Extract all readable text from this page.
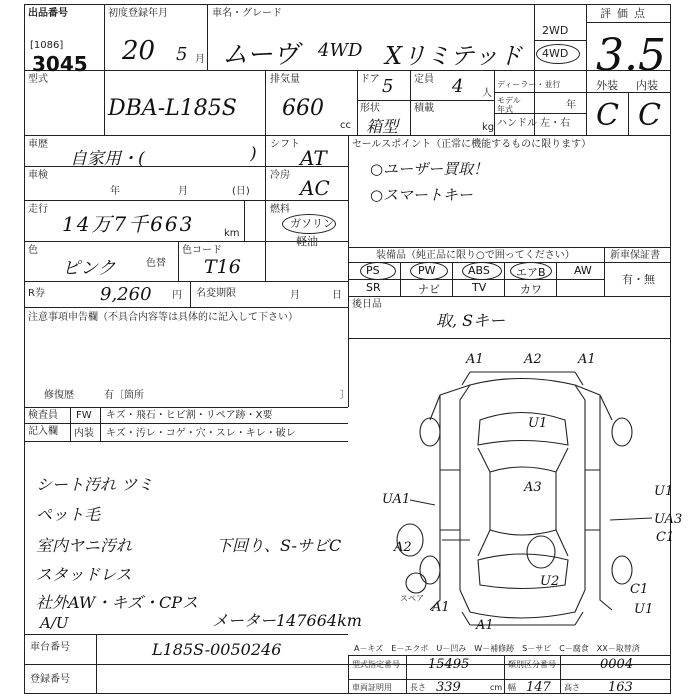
出品番号
[1086]
3045
初度登録年月
20 5 月
車名・グレード
ムーヴ 4WD Xリミテッド
2WD
4WD
評価点
3.5
外装 内装
C C
型式
DBA-L185S
排気量
660
cc
ドア 5 定員 4 人
形状
箱型
積載
kg
ディーラー・並行
モデル年式	年
ハンドル 左・右
車歴
自家用・(	) シフト
AT
車検
年	月	(日)
冷房
AC
走行
14万7千663	km
燃料
ガソリン
軽油
色
ピンク	色替
色コード
T16
R券	9,260 円 名変期限	月	日
セールスポイント（正常に機能するものに限ります）
○ユーザー買取！
○スマートキー
装備品（純正品に限り○で囲ってください）	新車保証書
有・無
PS	PW	ABS エアB	AW
SR	ナビ	TV	カワ
後日品
取, Sキー
注意事項申告欄（不具合内容等は具体的に記入して下さい）
修復歴	有〔箇所	〕
検査員
記入欄
FW キズ・飛石・ヒビ割・リペア跡・X要
内装 キズ・汚レ・コゲ・穴・スレ・キレ・破レ
シート汚れ ツミ
ペット毛
室内ヤニ汚れ	下回り、S-サビC
スタッドレス
社外AW・キズ・CPス
A/U	メーター147664km
A1	A2	A1
U1
A3
UA1
U1
UA3
C1
A2
U2
C1
U1
A1
A1
スペア
A－キズ　E－エクボ　U－凹み　W－補修跡　S－サビ　C－腐食　XX－取替済
車台番号	L185S-0050246
登録番号
型式指定番号 15495	類別区分番号	0004
車両証明用 長さ 339	cm 幅 147 高さ 163
